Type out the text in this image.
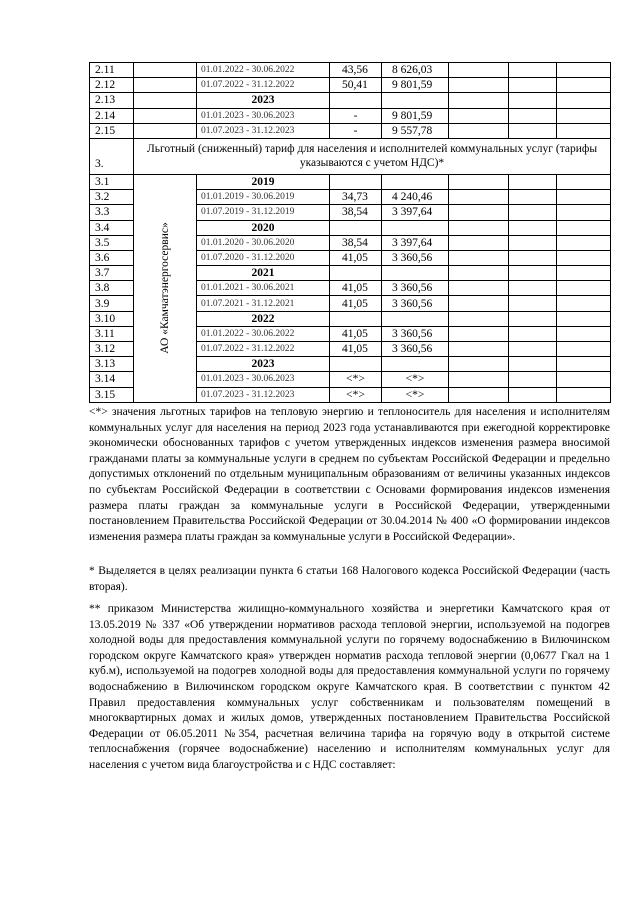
2.11		01.01.2022 - 30.06.2022	43,56	8 626,03			
2.12		01.07.2022 - 31.12.2022	50,41	9 801,59			
2.13		2023					
2.14		01.01.2023 - 30.06.2023	-	9 801,59			
2.15		01.07.2023 - 31.12.2023	-	9 557,78			
3.	Льготный (сниженный) тариф для населения и исполнителей коммунальных услуг (тарифы указываются с учетом НДС)*						
3.1	АО «Камчатэнергосервис»	2019					
3.2		01.01.2019 - 30.06.2019	34,73	4 240,46			
3.3		01.07.2019 - 31.12.2019	38,54	3 397,64			
3.4		2020					
3.5		01.01.2020 - 30.06.2020	38,54	3 397,64			
3.6		01.07.2020 - 31.12.2020	41,05	3 360,56			
3.7		2021					
3.8		01.01.2021 - 30.06.2021	41,05	3 360,56			
3.9		01.07.2021 - 31.12.2021	41,05	3 360,56			
3.10		2022					
3.11		01.01.2022 - 30.06.2022	41,05	3 360,56			
3.12		01.07.2022 - 31.12.2022	41,05	3 360,56			
3.13		2023					
3.14		01.01.2023 - 30.06.2023	<*>	<*>			
3.15		01.07.2023 - 31.12.2023	<*>	<*>			

<*> значения льготных тарифов на тепловую энергию и теплоноситель для населения и исполнителям коммунальных услуг для населения на период 2023 года устанавливаются при ежегодной корректировке экономически обоснованных тарифов с учетом утвержденных индексов изменения размера вносимой гражданами платы за коммунальные услуги в среднем по субъектам Российской Федерации и предельно допустимых отклонений по отдельным муниципальным образованиям от величины указанных индексов по субъектам Российской Федерации в соответствии с Основами формирования индексов изменения размера платы граждан за коммунальные услуги в Российской Федерации, утвержденными постановлением Правительства Российской Федерации от 30.04.2014 № 400 «О формировании индексов изменения размера платы граждан за коммунальные услуги в Российской Федерации».

* Выделяется в целях реализации пункта 6 статьи 168 Налогового кодекса Российской Федерации (часть вторая).

** приказом Министерства жилищно-коммунального хозяйства и энергетики Камчатского края от 13.05.2019 № 337 «Об утверждении нормативов расхода тепловой энергии, используемой на подогрев холодной воды для предоставления коммунальной услуги по горячему водоснабжению в Вилючинском городском округе Камчатского края» утвержден норматив расхода тепловой энергии (0,0677 Гкал на 1 куб.м), используемой на подогрев холодной воды для предоставления коммунальной услуги по горячему водоснабжению в Вилючинском городском округе Камчатского края. В соответствии с пунктом 42 Правил предоставления коммунальных услуг собственникам и пользователям помещений в многоквартирных домах и жилых домов, утвержденных постановлением Правительства Российской Федерации от 06.05.2011 №354, расчетная величина тарифа на горячую воду в открытой системе теплоснабжения (горячее водоснабжение) населению и исполнителям коммунальных услуг для населения с учетом вида благоустройства и с НДС составляет:
